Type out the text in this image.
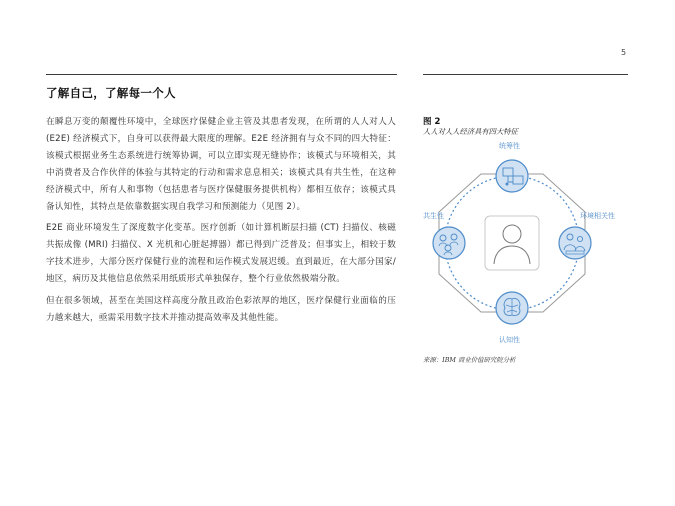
5
了解自己，了解每一个人

在瞬息万变的颠覆性环境中，全球医疗保健企业主管及其患者发现，在所谓的人人对人人 (E2E) 经济模式下，自身可以获得最大限度的理解。E2E 经济拥有与众不同的四大特征：该模式根据业务生态系统进行统筹协调，可以立即实现无缝协作；该模式与环境相关，其中消费者及合作伙伴的体验与其特定的行动和需求息息相关；该模式具有共生性，在这种经济模式中，所有人和事物（包括患者与医疗保健服务提供机构）都相互依存；该模式具备认知性，其特点是依靠数据实现自我学习和预测能力（见图 2）。

E2E 商业环境发生了深度数字化变革。医疗创新（如计算机断层扫描 (CT) 扫描仪、核磁共振成像 (MRI) 扫描仪、X 光机和心脏起搏器）都已得到广泛普及；但事实上，相较于数字技术进步，大部分医疗保健行业的流程和运作模式发展迟缓。直到最近，在大部分国家/地区，病历及其他信息依然采用纸质形式单独保存，整个行业依然极端分散。

但在很多领域，甚至在美国这样高度分散且政治色彩浓厚的地区，医疗保健行业面临的压力越来越大，亟需采用数字技术并推动提高效率及其他性能。

图 2
人人对人人经济具有四大特征
统筹性
共生性	环境相关性
认知性
来源：IBM 商业价值研究院分析
